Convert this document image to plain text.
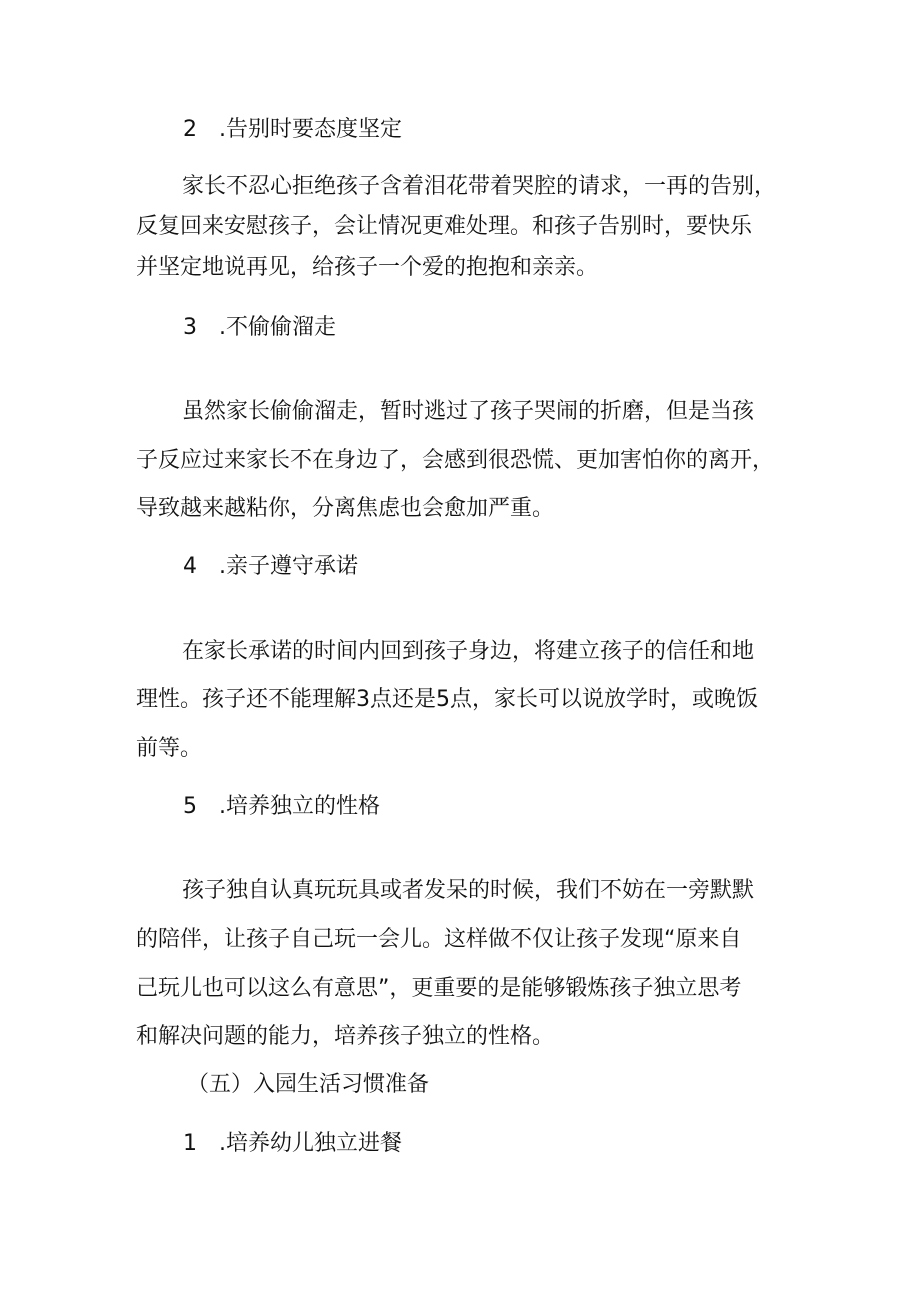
2　.告别时要态度坚定
家长不忍心拒绝孩子含着泪花带着哭腔的请求，一再的告别，
反复回来安慰孩子，会让情况更难处理。和孩子告别时，要快乐
并坚定地说再见，给孩子一个爱的抱抱和亲亲。
3　.不偷偷溜走
虽然家长偷偷溜走，暂时逃过了孩子哭闹的折磨，但是当孩
子反应过来家长不在身边了，会感到很恐慌、更加害怕你的离开，
导致越来越粘你，分离焦虑也会愈加严重。
4　.亲子遵守承诺
在家长承诺的时间内回到孩子身边，将建立孩子的信任和地
理性。孩子还不能理解3点还是5点，家长可以说放学时，或晚饭
前等。
5　.培养独立的性格
孩子独自认真玩玩具或者发呆的时候，我们不妨在一旁默默
的陪伴，让孩子自己玩一会儿。这样做不仅让孩子发现“原来自
己玩儿也可以这么有意思”，更重要的是能够锻炼孩子独立思考
和解决问题的能力，培养孩子独立的性格。
（五）入园生活习惯准备
1　.培养幼儿独立进餐
